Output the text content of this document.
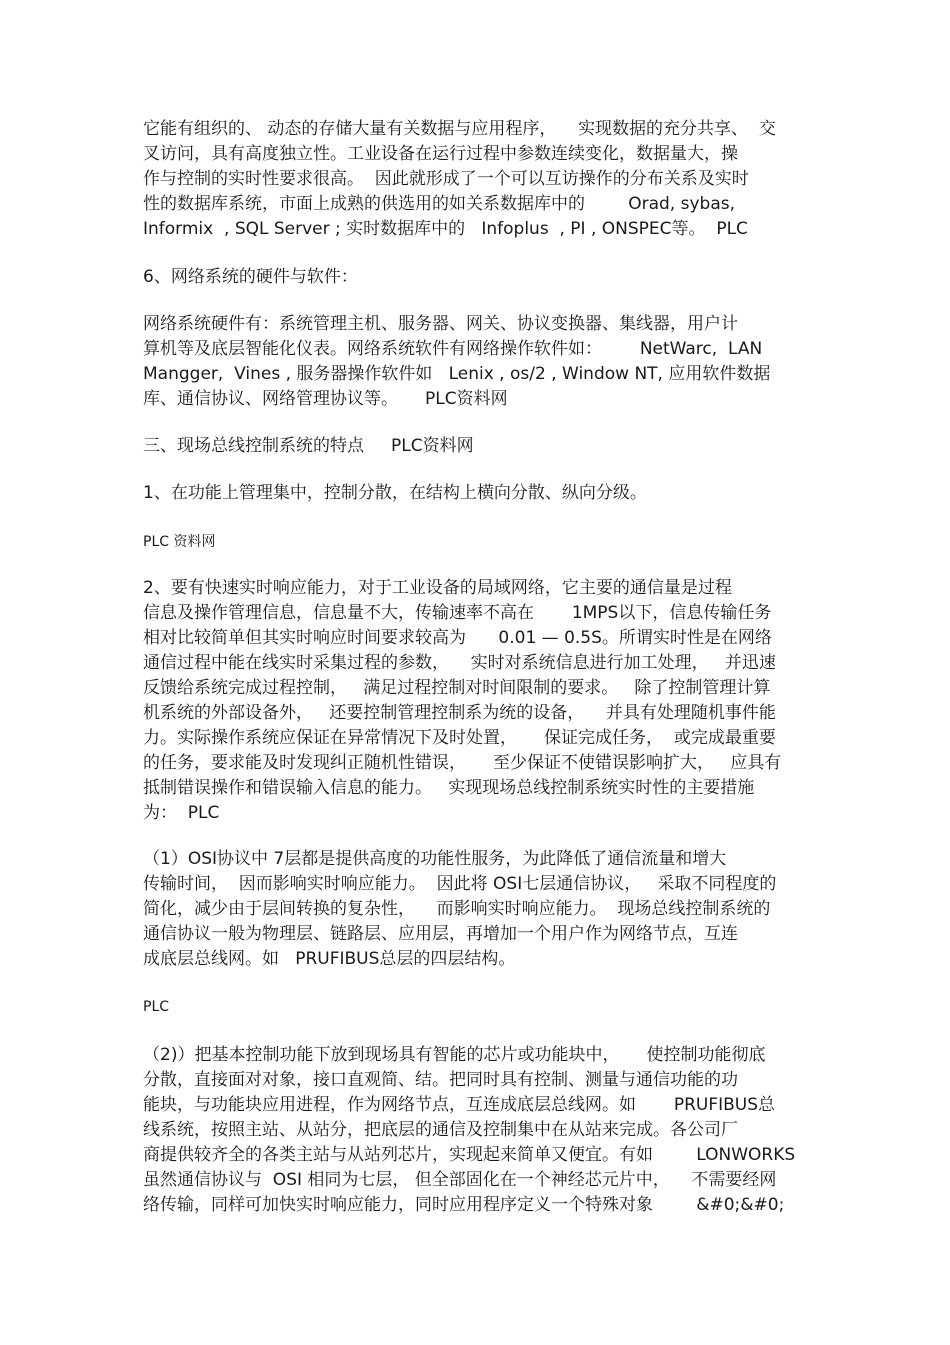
它能有组织的、 动态的存储大量有关数据与应用程序，    实现数据的充分共享、  交
叉访问，具有高度独立性。工业设备在运行过程中参数连续变化，数据量大，操
作与控制的实时性要求很高。  因此就形成了一个可以互访操作的分布关系及实时
性的数据库系统，市面上成熟的供选用的如关系数据库中的        Orad, sybas,
Informix  , SQL Server ; 实时数据库中的   Infoplus  , PI , ONSPEC等。  PLC
6、网络系统的硬件与软件：
网络系统硬件有：系统管理主机、服务器、网关、协议变换器、集线器，用户计
算机等及底层智能化仪表。网络系统软件有网络操作软件如：       NetWarc,  LAN
Mangger,  Vines , 服务器操作软件如   Lenix , os/2 , Window NT, 应用软件数据
库、通信协议、网络管理协议等。     PLC资料网
三、现场总线控制系统的特点     PLC资料网
1、在功能上管理集中，控制分散，在结构上横向分散、纵向分级。
PLC 资料网
2、要有快速实时响应能力，对于工业设备的局域网络，它主要的通信量是过程
信息及操作管理信息，信息量不大，传输速率不高在       1MPS以下，信息传输任务
相对比较简单但其实时响应时间要求较高为      0.01 — 0.5S。所谓实时性是在网络
通信过程中能在线实时采集过程的参数，    实时对系统信息进行加工处理，   并迅速
反馈给系统完成过程控制，   满足过程控制对时间限制的要求。   除了控制管理计算
机系统的外部设备外，   还要控制管理控制系为统的设备，    并具有处理随机事件能
力。实际操作系统应保证在异常情况下及时处置，     保证完成任务，  或完成最重要
的任务，要求能及时发现纠正随机性错误，     至少保证不使错误影响扩大，   应具有
抵制错误操作和错误输入信息的能力。   实现现场总线控制系统实时性的主要措施
为：  PLC
（1）OSI协议中 7层都是提供高度的功能性服务，为此降低了通信流量和增大
传输时间，  因而影响实时响应能力。  因此将 OSI七层通信协议，   采取不同程度的
简化，减少由于层间转换的复杂性，    而影响实时响应能力。  现场总线控制系统的
通信协议一般为物理层、链路层、应用层，再增加一个用户作为网络节点，互连
成底层总线网。如   PRUFIBUS总层的四层结构。
PLC
（2)）把基本控制功能下放到现场具有智能的芯片或功能块中，     使控制功能彻底
分散，直接面对对象，接口直观简、结。把同时具有控制、测量与通信功能的功
能块，与功能块应用进程，作为网络节点，互连成底层总线网。如       PRUFIBUS总
线系统，按照主站、从站分，把底层的通信及控制集中在从站来完成。各公司厂
商提供较齐全的各类主站与从站列芯片，实现起来简单又便宜。有如        LONWORKS
虽然通信协议与  OSI 相同为七层， 但全部固化在一个神经芯元片中，    不需要经网
络传输，同样可加快实时响应能力，同时应用程序定义一个特殊对象        &#0;&#0;
